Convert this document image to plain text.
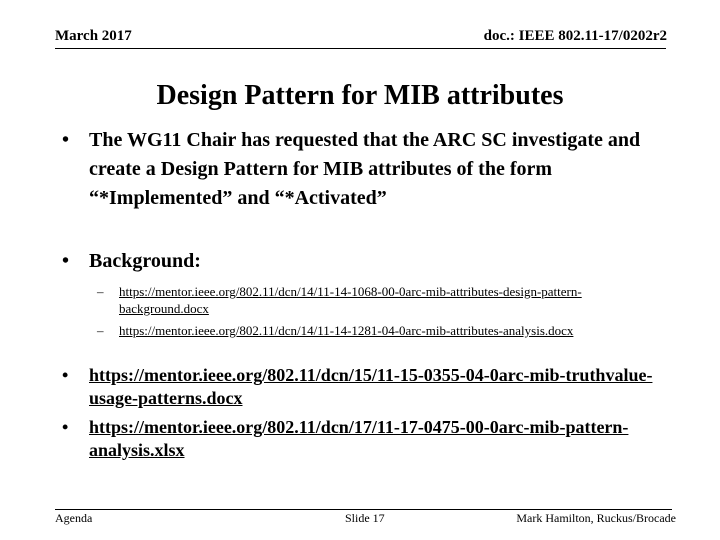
March 2017	doc.: IEEE 802.11-17/0202r2
Design Pattern for MIB attributes
• The WG11 Chair has requested that the ARC SC investigate and create a Design Pattern for MIB attributes of the form “*Implemented” and “*Activated”
• Background:
– https://mentor.ieee.org/802.11/dcn/14/11-14-1068-00-0arc-mib-attributes-design-pattern-background.docx
– https://mentor.ieee.org/802.11/dcn/14/11-14-1281-04-0arc-mib-attributes-analysis.docx
• https://mentor.ieee.org/802.11/dcn/15/11-15-0355-04-0arc-mib-truthvalue-usage-patterns.docx
• https://mentor.ieee.org/802.11/dcn/17/11-17-0475-00-0arc-mib-pattern-analysis.xlsx
Agenda	Slide 17	Mark Hamilton, Ruckus/Brocade
